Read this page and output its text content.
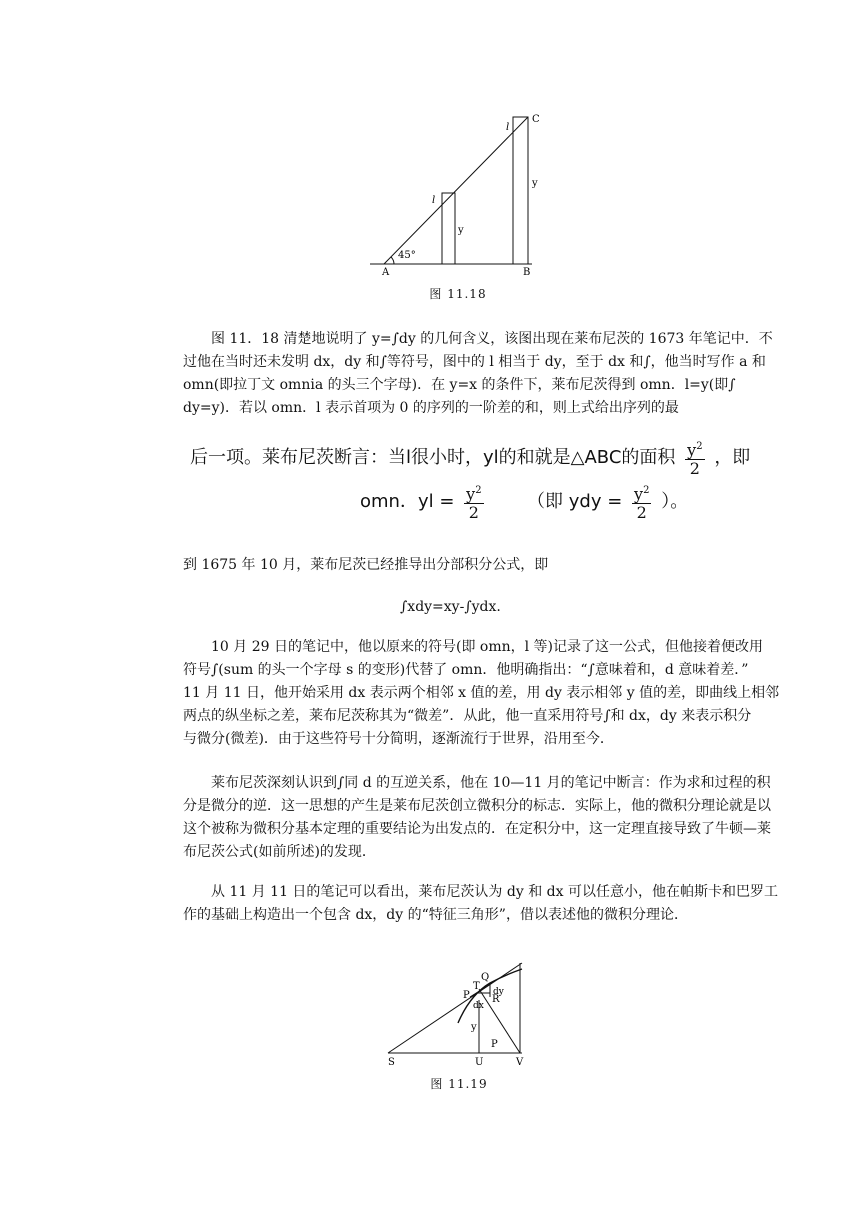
A	B
C
45°
l
y
l
y
图 11.18
图 11．18 清楚地说明了 y=∫dy 的几何含义，该图出现在莱布尼茨的 1673 年笔记中．不
过他在当时还未发明 dx，dy 和∫等符号，图中的 l 相当于 dy，至于 dx 和∫，他当时写作 a 和
omn(即拉丁文 omnia 的头三个字母)．在 y=x 的条件下，莱布尼茨得到 omn．l=y(即∫
dy=y)．若以 omn．l 表示首项为 0 的序列的一阶差的和，则上式给出序列的最
后一项。莱布尼茨断言：当l很小时，yl的和就是△ABC的面积 $\frac{y^2}{2}$ ，即
omn．yl = $\frac{y^2}{2}$ （即 ydy = $\frac{y^2}{2}$ ）。
到 1675 年 10 月，莱布尼茨已经推导出分部积分公式，即
∫xdy=xy-∫ydx.
10 月 29 日的笔记中，他以原来的符号(即 omn，l 等)记录了这一公式，但他接着便改用
符号∫(sum 的头一个字母 s 的变形)代替了 omn．他明确指出：“∫意味着和，d 意味着差．”
11 月 11 日，他开始采用 dx 表示两个相邻 x 值的差，用 dy 表示相邻 y 值的差，即曲线上相邻
两点的纵坐标之差，莱布尼茨称其为“微差”．从此，他一直采用符号∫和 dx，dy 来表示积分
与微分(微差)．由于这些符号十分简明，逐渐流行于世界，沿用至今．
莱布尼茨深刻认识到∫同 d 的互逆关系，他在 10—11 月的笔记中断言：作为求和过程的积
分是微分的逆．这一思想的产生是莱布尼茨创立微积分的标志．实际上，他的微积分理论就是以
这个被称为微积分基本定理的重要结论为出发点的．在定积分中，这一定理直接导致了牛顿—莱
布尼茨公式(如前所述)的发现．
从 11 月 11 日的笔记可以看出，莱布尼茨认为 dy 和 dx 可以任意小，他在帕斯卡和巴罗工
作的基础上构造出一个包含 dx，dy 的“特征三角形”，借以表述他的微积分理论．
S	U	V
P
T
Q
R
dy
dx
y
P
图 11.19
